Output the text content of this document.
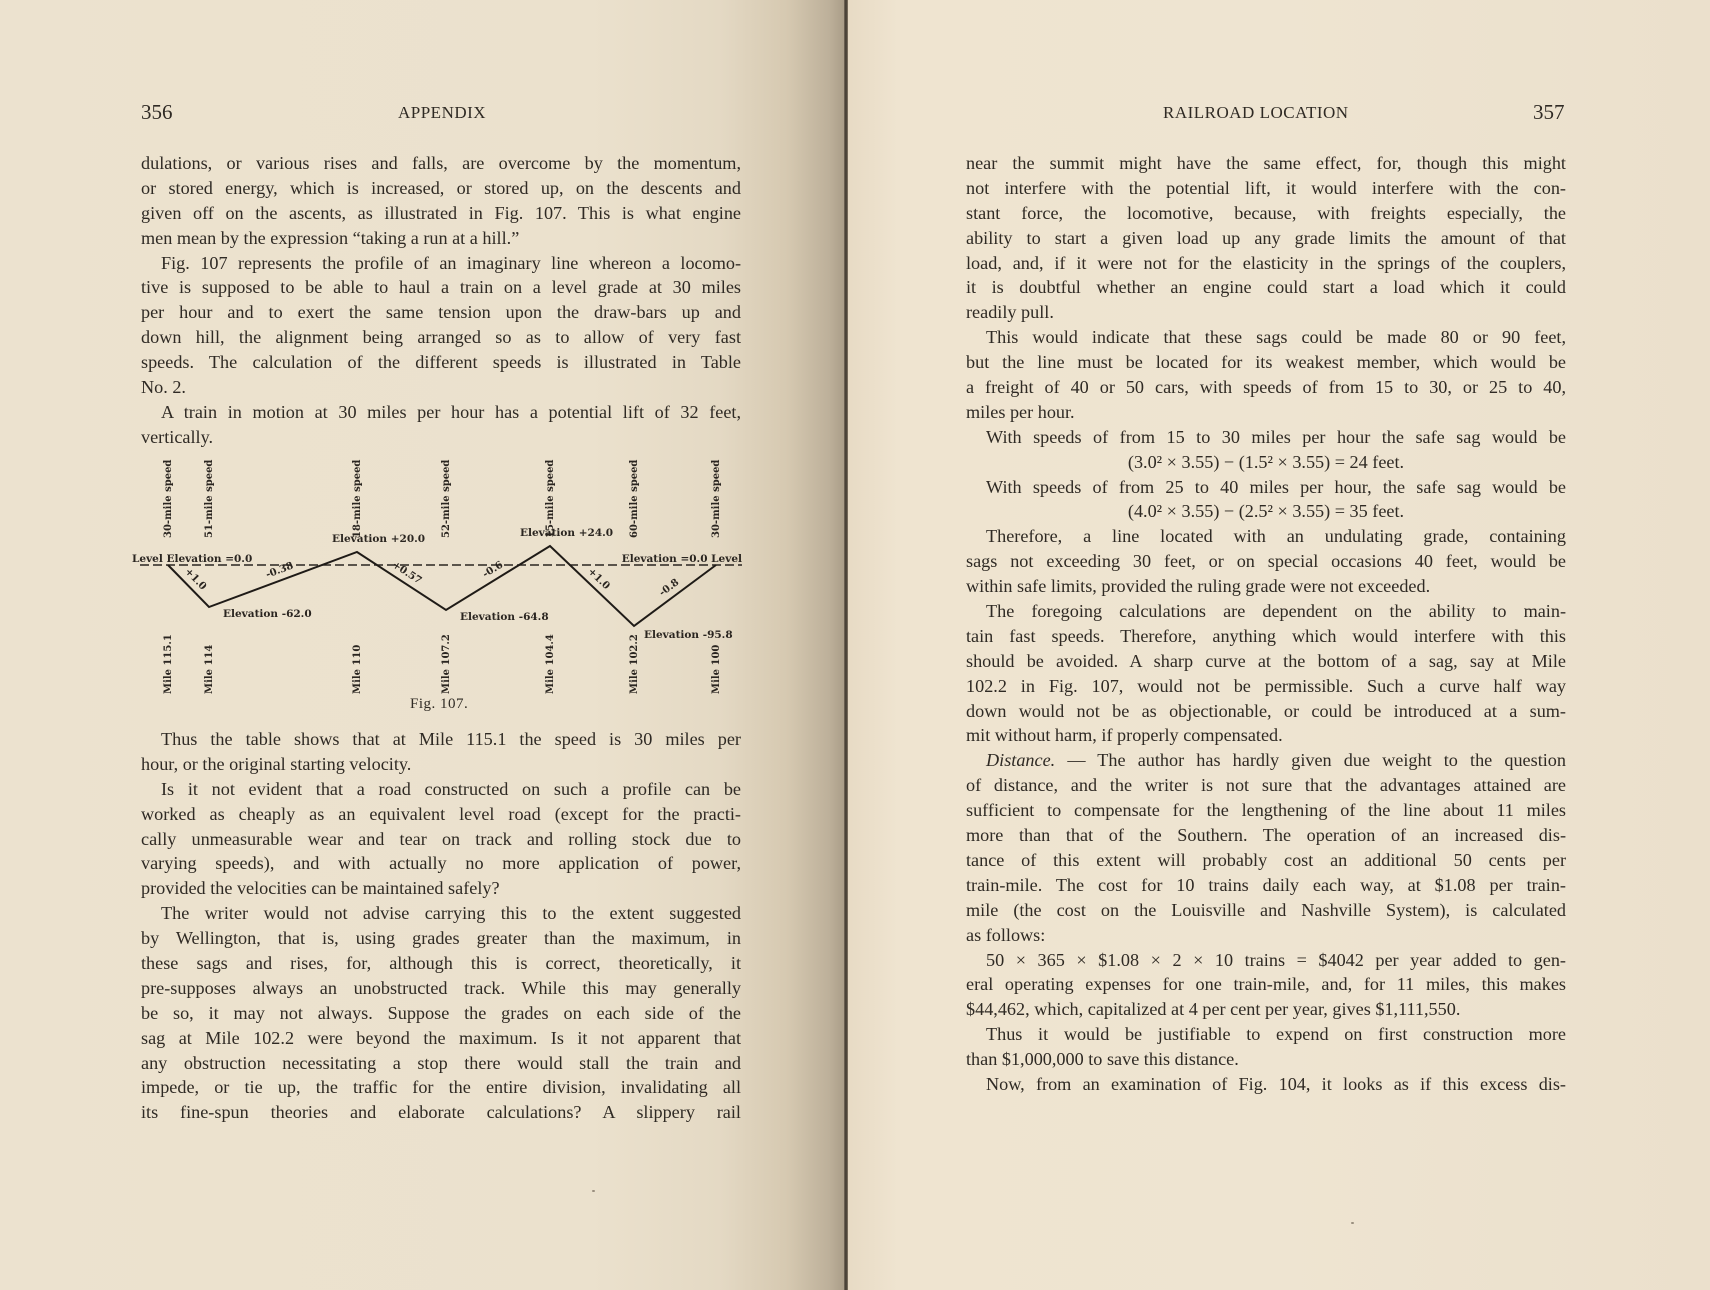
356	APPENDIX
dulations, or various rises and falls, are overcome by the momentum,
or stored energy, which is increased, or stored up, on the descents and
given off on the ascents, as illustrated in Fig. 107. This is what engine
men mean by the expression “taking a run at a hill.”
Fig. 107 represents the profile of an imaginary line whereon a locomo-
tive is supposed to be able to haul a train on a level grade at 30 miles
per hour and to exert the same tension upon the draw-bars up and
down hill, the alignment being arranged so as to allow of very fast
speeds. The calculation of the different speeds is illustrated in Table
No. 2.
A train in motion at 30 miles per hour has a potential lift of 32 feet,
vertically.
Level Elevation =0.0	Elevation =0.0 Level
30-mile speed
Mile 115.1
51-mile speed
Mile 114
Elevation -62.0
18-mile speed
Mile 110
Elevation +20.0
52-mile speed
Mile 107.2
Elevation -64.8
15-mile speed
Mile 104.4
Elevation +24.0 60-mile speed
Mile 102.2 Elevation -95.8
30-mile speed
Mile 100
+1.0	-0.38	+0.57	-0.6	+1.0	-0.8
Fig. 107.
Thus the table shows that at Mile 115.1 the speed is 30 miles per
hour, or the original starting velocity.
Is it not evident that a road constructed on such a profile can be
worked as cheaply as an equivalent level road (except for the practi-
cally unmeasurable wear and tear on track and rolling stock due to
varying speeds), and with actually no more application of power,
provided the velocities can be maintained safely?
The writer would not advise carrying this to the extent suggested
by Wellington, that is, using grades greater than the maximum, in
these sags and rises, for, although this is correct, theoretically, it
pre-supposes always an unobstructed track. While this may generally
be so, it may not always. Suppose the grades on each side of the
sag at Mile 102.2 were beyond the maximum. Is it not apparent that
any obstruction necessitating a stop there would stall the train and
impede, or tie up, the traffic for the entire division, invalidating all
its fine-spun theories and elaborate calculations? A slippery rail
RAILROAD LOCATION	357
near the summit might have the same effect, for, though this might
not interfere with the potential lift, it would interfere with the con-
stant force, the locomotive, because, with freights especially, the
ability to start a given load up any grade limits the amount of that
load, and, if it were not for the elasticity in the springs of the couplers,
it is doubtful whether an engine could start a load which it could
readily pull.
This would indicate that these sags could be made 80 or 90 feet,
but the line must be located for its weakest member, which would be
a freight of 40 or 50 cars, with speeds of from 15 to 30, or 25 to 40,
miles per hour.
With speeds of from 15 to 30 miles per hour the safe sag would be
(3.0² × 3.55) − (1.5² × 3.55) = 24 feet.
With speeds of from 25 to 40 miles per hour, the safe sag would be
(4.0² × 3.55) − (2.5² × 3.55) = 35 feet.
Therefore, a line located with an undulating grade, containing
sags not exceeding 30 feet, or on special occasions 40 feet, would be
within safe limits, provided the ruling grade were not exceeded.
The foregoing calculations are dependent on the ability to main-
tain fast speeds. Therefore, anything which would interfere with this
should be avoided. A sharp curve at the bottom of a sag, say at Mile
102.2 in Fig. 107, would not be permissible. Such a curve half way
down would not be as objectionable, or could be introduced at a sum-
mit without harm, if properly compensated.
Distance. — The author has hardly given due weight to the question
of distance, and the writer is not sure that the advantages attained are
sufficient to compensate for the lengthening of the line about 11 miles
more than that of the Southern. The operation of an increased dis-
tance of this extent will probably cost an additional 50 cents per
train-mile. The cost for 10 trains daily each way, at $1.08 per train-
mile (the cost on the Louisville and Nashville System), is calculated
as follows:
50 × 365 × $1.08 × 2 × 10 trains = $4042 per year added to gen-
eral operating expenses for one train-mile, and, for 11 miles, this makes
$44,462, which, capitalized at 4 per cent per year, gives $1,111,550.
Thus it would be justifiable to expend on first construction more
than $1,000,000 to save this distance.
Now, from an examination of Fig. 104, it looks as if this excess dis-
